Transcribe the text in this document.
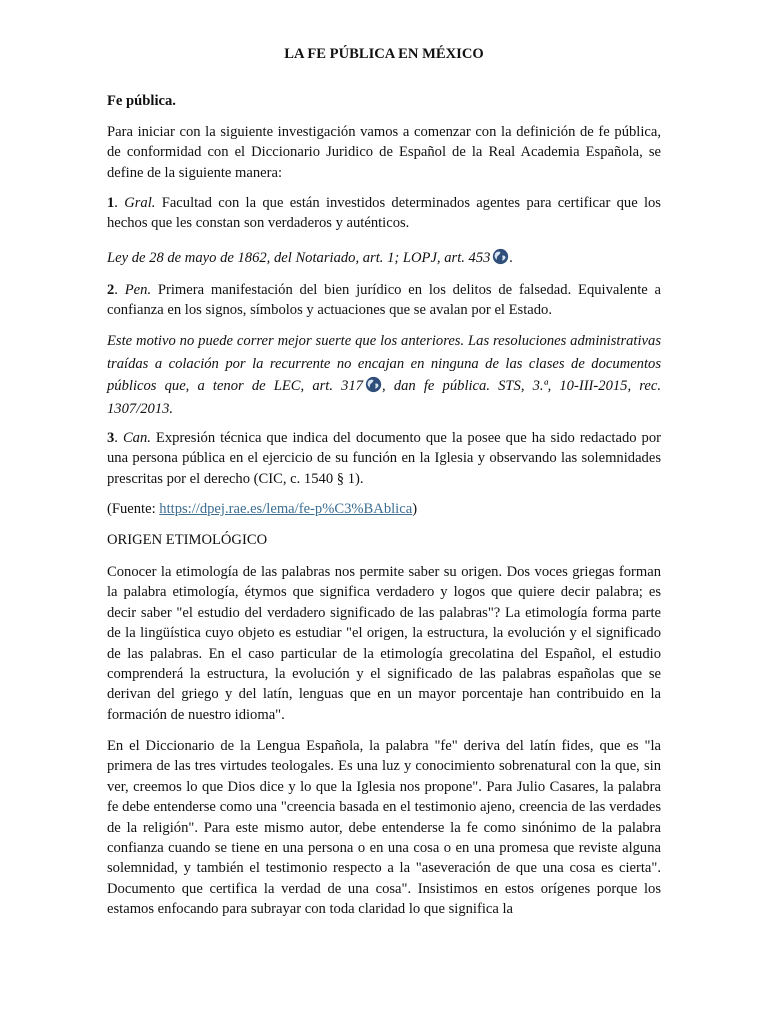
LA FE PÚBLICA EN MÉXICO

Fe pública.

Para iniciar con la siguiente investigación vamos a comenzar con la definición de fe pública, de conformidad con el Diccionario Juridico de Español de la Real Academia Española, se define de la siguiente manera:

1. Gral. Facultad con la que están investidos determinados agentes para certificar que los hechos que les constan son verdaderos y auténticos.

Ley de 28 de mayo de 1862, del Notariado, art. 1; LOPJ, art. 453 .

2. Pen. Primera manifestación del bien jurídico en los delitos de falsedad. Equivalente a confianza en los signos, símbolos y actuaciones que se avalan por el Estado.

Este motivo no puede correr mejor suerte que los anteriores. Las resoluciones administrativas traídas a colación por la recurrente no encajan en ninguna de las clases de documentos públicos que, a tenor de LEC, art. 317 , dan fe pública. STS, 3.ª, 10-III-2015, rec. 1307/2013.

3. Can. Expresión técnica que indica del documento que la posee que ha sido redactado por una persona pública en el ejercicio de su función en la Iglesia y observando las solemnidades prescritas por el derecho (CIC, c. 1540 § 1).

(Fuente: https://dpej.rae.es/lema/fe-p%C3%BAblica)

ORIGEN ETIMOLÓGICO

Conocer la etimología de las palabras nos permite saber su origen. Dos voces griegas forman la palabra etimología, étymos que significa verdadero y logos que quiere decir palabra; es decir saber "el estudio del verdadero significado de las palabras"? La etimología forma parte de la lingüística cuyo objeto es estudiar "el origen, la estructura, la evolución y el significado de las palabras. En el caso particular de la etimología grecolatina del Español, el estudio comprenderá la estructura, la evolución y el significado de las palabras españolas que se derivan del griego y del latín, lenguas que en un mayor porcentaje han contribuido en la formación de nuestro idioma".

En el Diccionario de la Lengua Española, la palabra "fe" deriva del latín fides, que es "la primera de las tres virtudes teologales. Es una luz y conocimiento sobrenatural con la que, sin ver, creemos lo que Dios dice y lo que la Iglesia nos propone". Para Julio Casares, la palabra fe debe entenderse como una "creencia basada en el testimonio ajeno, creencia de las verdades de la religión". Para este mismo autor, debe entenderse la fe como sinónimo de la palabra confianza cuando se tiene en una persona o en una cosa o en una promesa que reviste alguna solemnidad, y también el testimonio respecto a la "aseveración de que una cosa es cierta". Documento que certifica la verdad de una cosa". Insistimos en estos orígenes porque los estamos enfocando para subrayar con toda claridad lo que significa la
